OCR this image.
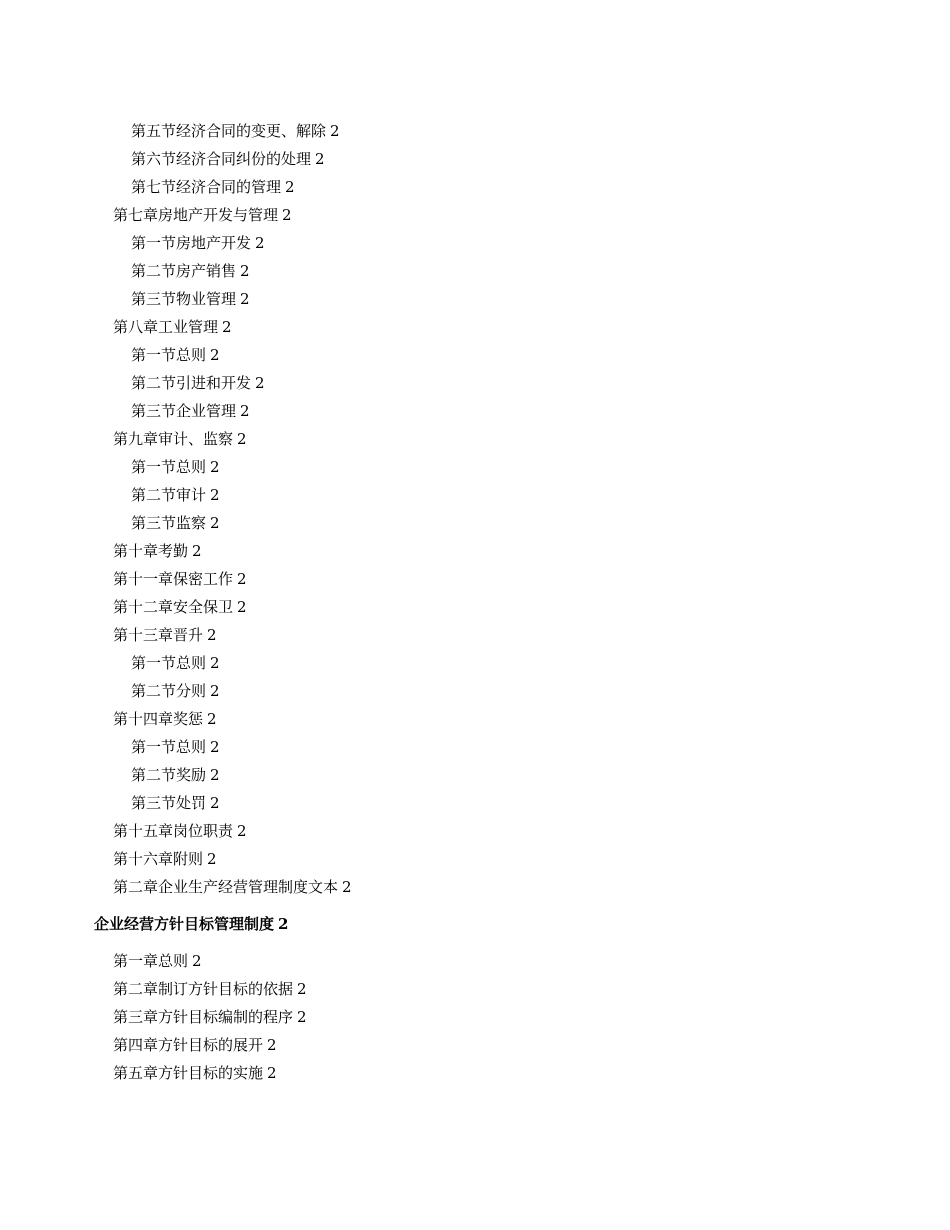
第五节经济合同的变更、解除 2
第六节经济合同纠份的处理 2
第七节经济合同的管理 2
第七章房地产开发与管理 2
第一节房地产开发 2
第二节房产销售 2
第三节物业管理 2
第八章工业管理 2
第一节总则 2
第二节引进和开发 2
第三节企业管理 2
第九章审计、监察 2
第一节总则 2
第二节审计 2
第三节监察 2
第十章考勤 2
第十一章保密工作 2
第十二章安全保卫 2
第十三章晋升 2
第一节总则 2
第二节分则 2
第十四章奖惩 2
第一节总则 2
第二节奖励 2
第三节处罚 2
第十五章岗位职责 2
第十六章附则 2
第二章企业生产经营管理制度文本 2
企业经营方针目标管理制度 2
第一章总则 2
第二章制订方针目标的依据 2
第三章方针目标编制的程序 2
第四章方针目标的展开 2
第五章方针目标的实施 2
